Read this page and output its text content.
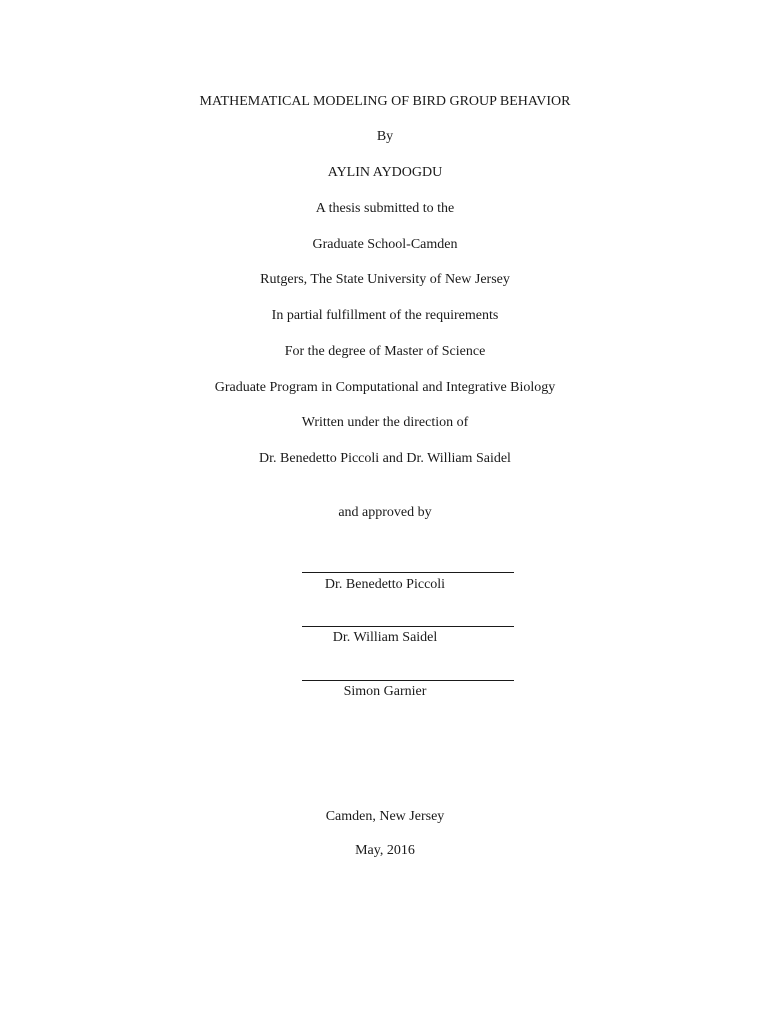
MATHEMATICAL MODELING OF BIRD GROUP BEHAVIOR
By
AYLIN AYDOGDU
A thesis submitted to the
Graduate School-Camden
Rutgers, The State University of New Jersey
In partial fulfillment of the requirements
For the degree of Master of Science
Graduate Program in Computational and Integrative Biology
Written under the direction of
Dr. Benedetto Piccoli and Dr. William Saidel
and approved by
Dr. Benedetto Piccoli
Dr. William Saidel
Simon Garnier
Camden, New Jersey
May, 2016
